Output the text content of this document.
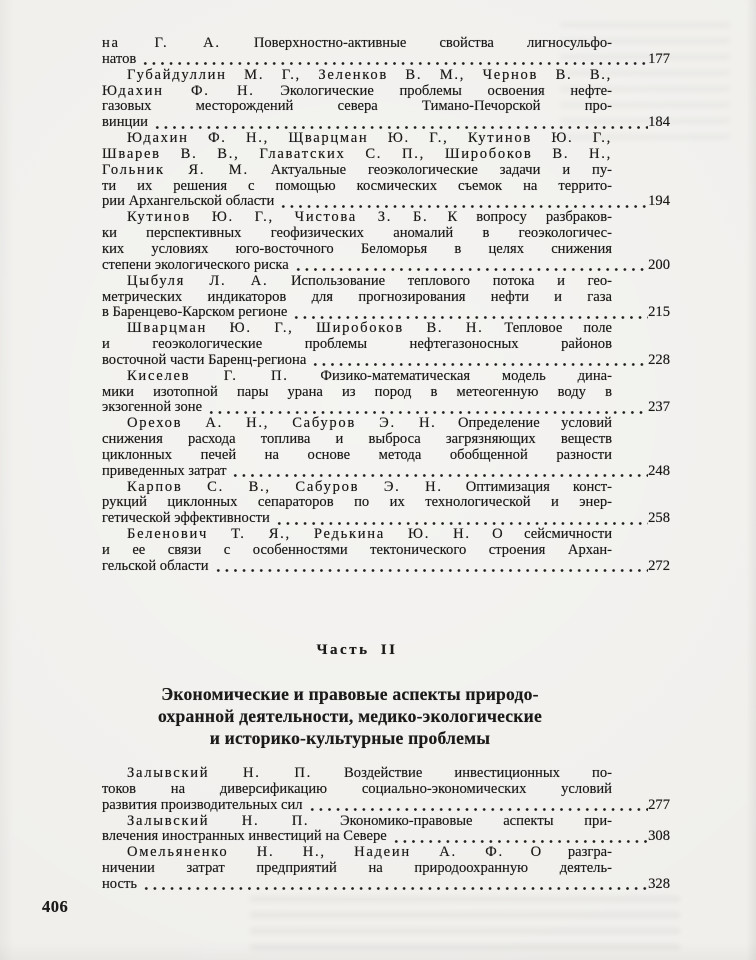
на Г. А. Поверхностно-активные свойства лигносульфо-
натов	177
Губайдуллин М. Г., Зеленков В. М., Чернов В. В.,
Юдахин Ф. Н. Экологические проблемы освоения нефте-
газовых месторождений севера Тимано-Печорской про-
винции	184
Юдахин Ф. Н., Щварцман Ю. Г., Кутинов Ю. Г.,
Шварев В. В., Главатских С. П., Широбоков В. Н.,
Гольник Я. М. Актуальные геоэкологические задачи и пу-
ти их решения с помощью космических съемок на террито-
рии Архангельской области	194
Кутинов Ю. Г., Чистова З. Б. К вопросу разбраков-
ки перспективных геофизических аномалий в геоэкологичес-
ких условиях юго-восточного Беломорья в целях снижения
степени экологического риска	200
Цыбуля Л. А. Использование теплового потока и гео-
метрических индикаторов для прогнозирования нефти и газа
в Баренцево-Карском регионе	215
Шварцман Ю. Г., Широбоков В. Н. Тепловое поле
и геоэкологические проблемы нефтегазоносных районов
восточной части Баренц-региона	228
Киселев Г. П. Физико-математическая модель дина-
мики изотопной пары урана из пород в метеогенную воду в
экзогенной зоне	237
Орехов А. Н., Сабуров Э. Н. Определение условий
снижения расхода топлива и выброса загрязняющих веществ
циклонных печей на основе метода обобщенной разности
приведенных затрат	248
Карпов С. В., Сабуров Э. Н. Оптимизация конст-
рукций циклонных сепараторов по их технологической и энер-
гетической эффективности	258
Беленович Т. Я., Редькина Ю. Н. О сейсмичности
и ее связи с особенностями тектонического строения Архан-
гельской области	272
Часть II
Экономические и правовые аспекты природо-
охранной деятельности, медико-экологические
и историко-культурные проблемы
Залывский Н. П. Воздействие инвестиционных по-
токов на диверсификацию социально-экономических условий
развития производительных сил	277
Залывский Н. П. Экономико-правовые аспекты при-
влечения иностранных инвестиций на Севере	308
Омельяненко Н. Н., Надеин А. Ф. О разгра-
ничении затрат предприятий на природоохранную деятель-
ность	328
406
